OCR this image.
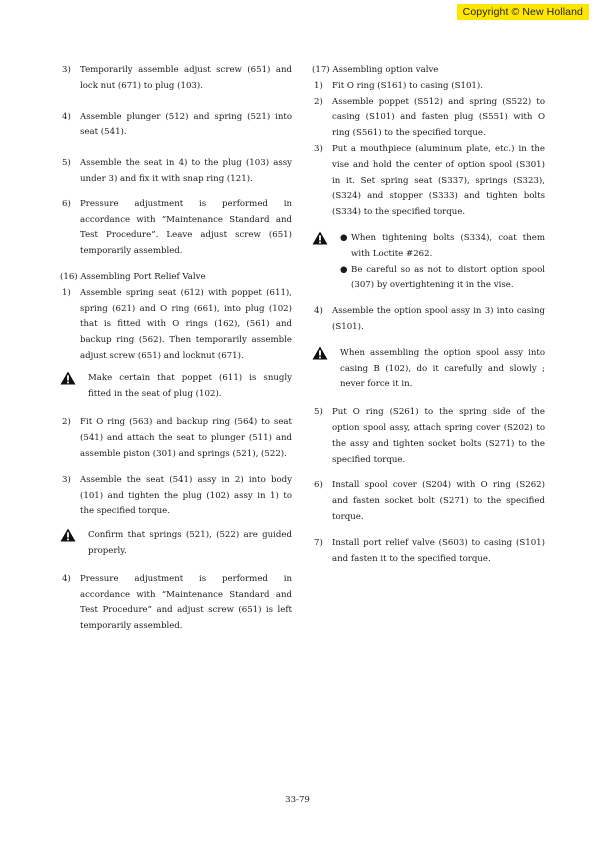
Copyright © New Holland
3) Temporarily assemble adjust screw (651) and lock nut (671) to plug (103).
4) Assemble plunger (512) and spring (521) into seat (541).
5) Assemble the seat in 4) to the plug (103) assy under 3) and fix it with snap ring (121).
6) Pressure adjustment is performed in accordance with “Maintenance Standard and Test Procedure”. Leave adjust screw (651) temporarily assembled.
(16) Assembling Port Relief Valve
1) Assemble spring seat (612) with poppet (611), spring (621) and O ring (661), into plug (102) that is fitted with O rings (162), (561) and backup ring (562). Then temporarily assemble adjust screw (651) and locknut (671).
Make certain that poppet (611) is snugly fitted in the seat of plug (102).
2) Fit O ring (563) and backup ring (564) to seat (541) and attach the seat to plunger (511) and assemble piston (301) and springs (521), (522).
3) Assemble the seat (541) assy in 2) into body (101) and tighten the plug (102) assy in 1) to the specified torque.
Confirm that springs (521), (522) are guided properly.
4) Pressure adjustment is performed in accordance with “Maintenance Standard and Test Procedure” and adjust screw (651) is left temporarily assembled.
(17) Assembling option valve
1) Fit O ring (S161) to casing (S101).
2) Assemble poppet (S512) and spring (S522) to casing (S101) and fasten plug (S551) with O ring (S561) to the specified torque.
3) Put a mouthpiece (aluminum plate, etc.) in the vise and hold the center of option spool (S301) in it. Set spring seat (S337), springs (S323), (S324) and stopper (S333) and tighten bolts (S334) to the specified torque.
● When tightening bolts (S334), coat them with Loctite #262.
● Be careful so as not to distort option spool (307) by overtightening it in the vise.
4) Assemble the option spool assy in 3) into casing (S101).
When assembling the option spool assy into casing B (102), do it carefully and slowly ; never force it in.
5) Put O ring (S261) to the spring side of the option spool assy, attach spring cover (S202) to the assy and tighten socket bolts (S271) to the specified torque.
6) Install spool cover (S204) with O ring (S262) and fasten socket bolt (S271) to the specified torque.
7) Install port relief valve (S603) to casing (S101) and fasten it to the specified torque.
33-79
